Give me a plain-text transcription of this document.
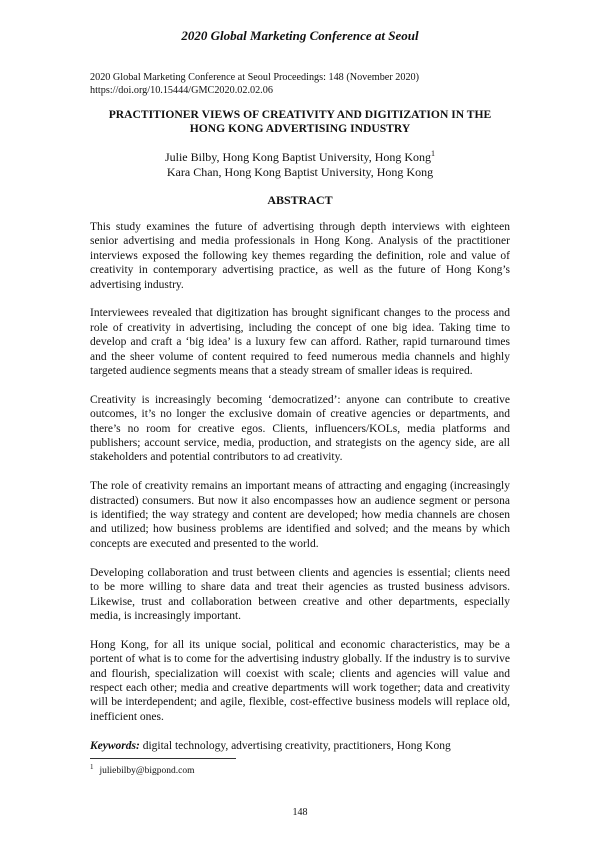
2020 Global Marketing Conference at Seoul
2020 Global Marketing Conference at Seoul Proceedings: 148 (November 2020)
https://doi.org/10.15444/GMC2020.02.02.06
PRACTITIONER VIEWS OF CREATIVITY AND DIGITIZATION IN THE
HONG KONG ADVERTISING INDUSTRY
Julie Bilby, Hong Kong Baptist University, Hong Kong$^1$
Kara Chan, Hong Kong Baptist University, Hong Kong
ABSTRACT

This study examines the future of advertising through depth interviews with eighteen senior advertising and media professionals in Hong Kong. Analysis of the practitioner interviews exposed the following key themes regarding the definition, role and value of creativity in contemporary advertising practice, as well as the future of Hong Kong’s advertising industry.

Interviewees revealed that digitization has brought significant changes to the process and role of creativity in advertising, including the concept of one big idea. Taking time to develop and craft a ‘big idea’ is a luxury few can afford. Rather, rapid turnaround times and the sheer volume of content required to feed numerous media channels and highly targeted audience segments means that a steady stream of smaller ideas is required.

Creativity is increasingly becoming ‘democratized’: anyone can contribute to creative outcomes, it’s no longer the exclusive domain of creative agencies or departments, and there’s no room for creative egos. Clients, influencers/KOLs, media platforms and publishers; account service, media, production, and strategists on the agency side, are all stakeholders and potential contributors to ad creativity.

The role of creativity remains an important means of attracting and engaging (increasingly distracted) consumers. But now it also encompasses how an audience segment or persona is identified; the way strategy and content are developed; how media channels are chosen and utilized; how business problems are identified and solved; and the means by which concepts are executed and presented to the world.

Developing collaboration and trust between clients and agencies is essential; clients need to be more willing to share data and treat their agencies as trusted business advisors. Likewise, trust and collaboration between creative and other departments, especially media, is increasingly important.

Hong Kong, for all its unique social, political and economic characteristics, may be a portent of what is to come for the advertising industry globally. If the industry is to survive and flourish, specialization will coexist with scale; clients and agencies will value and respect each other; media and creative departments will work together; data and creativity will be interdependent; and agile, flexible, cost-effective business models will replace old, inefficient ones.

Keywords: digital technology, advertising creativity, practitioners, Hong Kong

$^1$ juliebilby@bigpond.com
148
